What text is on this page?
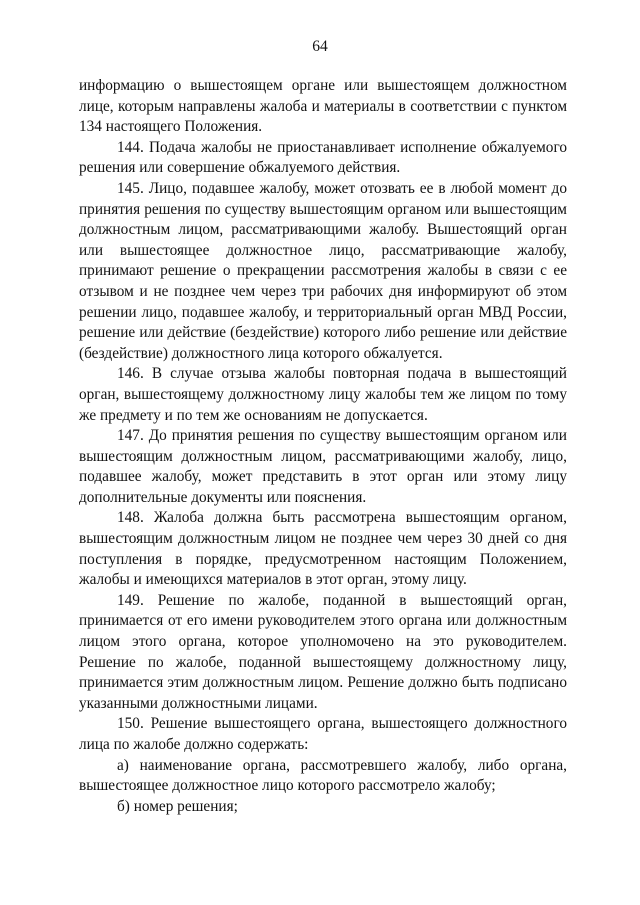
64

информацию о вышестоящем органе или вышестоящем должностном лице, которым направлены жалоба и материалы в соответствии с пунктом 134 настоящего Положения.

144. Подача жалобы не приостанавливает исполнение обжалуемого решения или совершение обжалуемого действия.

145. Лицо, подавшее жалобу, может отозвать ее в любой момент до принятия решения по существу вышестоящим органом или вышестоящим должностным лицом, рассматривающими жалобу. Вышестоящий орган или вышестоящее должностное лицо, рассматривающие жалобу, принимают решение о прекращении рассмотрения жалобы в связи с ее отзывом и не позднее чем через три рабочих дня информируют об этом решении лицо, подавшее жалобу, и территориальный орган МВД России, решение или действие (бездействие) которого либо решение или действие (бездействие) должностного лица которого обжалуется.

146. В случае отзыва жалобы повторная подача в вышестоящий орган, вышестоящему должностному лицу жалобы тем же лицом по тому же предмету и по тем же основаниям не допускается.

147. До принятия решения по существу вышестоящим органом или вышестоящим должностным лицом, рассматривающими жалобу, лицо, подавшее жалобу, может представить в этот орган или этому лицу дополнительные документы или пояснения.

148. Жалоба должна быть рассмотрена вышестоящим органом, вышестоящим должностным лицом не позднее чем через 30 дней со дня поступления в порядке, предусмотренном настоящим Положением, жалобы и имеющихся материалов в этот орган, этому лицу.

149. Решение по жалобе, поданной в вышестоящий орган, принимается от его имени руководителем этого органа или должностным лицом этого органа, которое уполномочено на это руководителем. Решение по жалобе, поданной вышестоящему должностному лицу, принимается этим должностным лицом. Решение должно быть подписано указанными должностными лицами.

150. Решение вышестоящего органа, вышестоящего должностного лица по жалобе должно содержать:

а) наименование органа, рассмотревшего жалобу, либо органа, вышестоящее должностное лицо которого рассмотрело жалобу;

б) номер решения;
